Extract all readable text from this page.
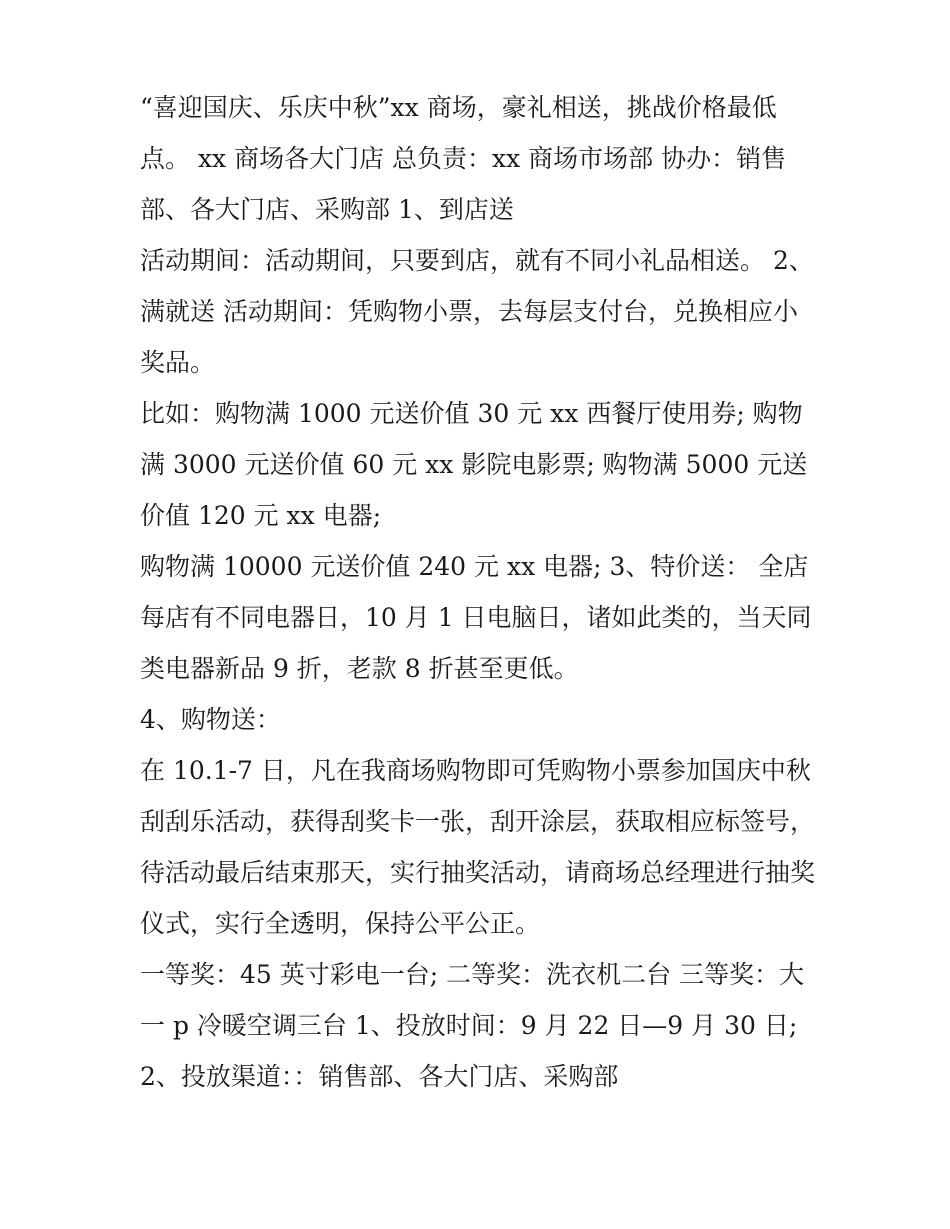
“喜迎国庆、乐庆中秋”xx 商场，豪礼相送，挑战价格最低点。 xx 商场各大门店 总负责：xx 商场市场部 协办：销售部、各大门店、采购部 1、到店送

活动期间：活动期间，只要到店，就有不同小礼品相送。 2、满就送 活动期间：凭购物小票，去每层支付台，兑换相应小奖品。

比如：购物满 1000 元送价值 30 元 xx 西餐厅使用券; 购物满 3000 元送价值 60 元 xx 影院电影票; 购物满 5000 元送价值 120 元 xx 电器;

购物满 10000 元送价值 240 元 xx 电器; 3、特价送： 全店每店有不同电器日，10 月 1 日电脑日，诸如此类的，当天同类电器新品 9 折，老款 8 折甚至更低。

4、购物送：

在 10.1-7 日，凡在我商场购物即可凭购物小票参加国庆中秋刮刮乐活动，获得刮奖卡一张，刮开涂层，获取相应标签号，待活动最后结束那天，实行抽奖活动，请商场总经理进行抽奖仪式，实行全透明，保持公平公正。

一等奖：45 英寸彩电一台; 二等奖：洗衣机二台 三等奖：大一 p 冷暖空调三台 1、投放时间：9 月 22 日—9 月 30 日; 2、投放渠道：：销售部、各大门店、采购部
